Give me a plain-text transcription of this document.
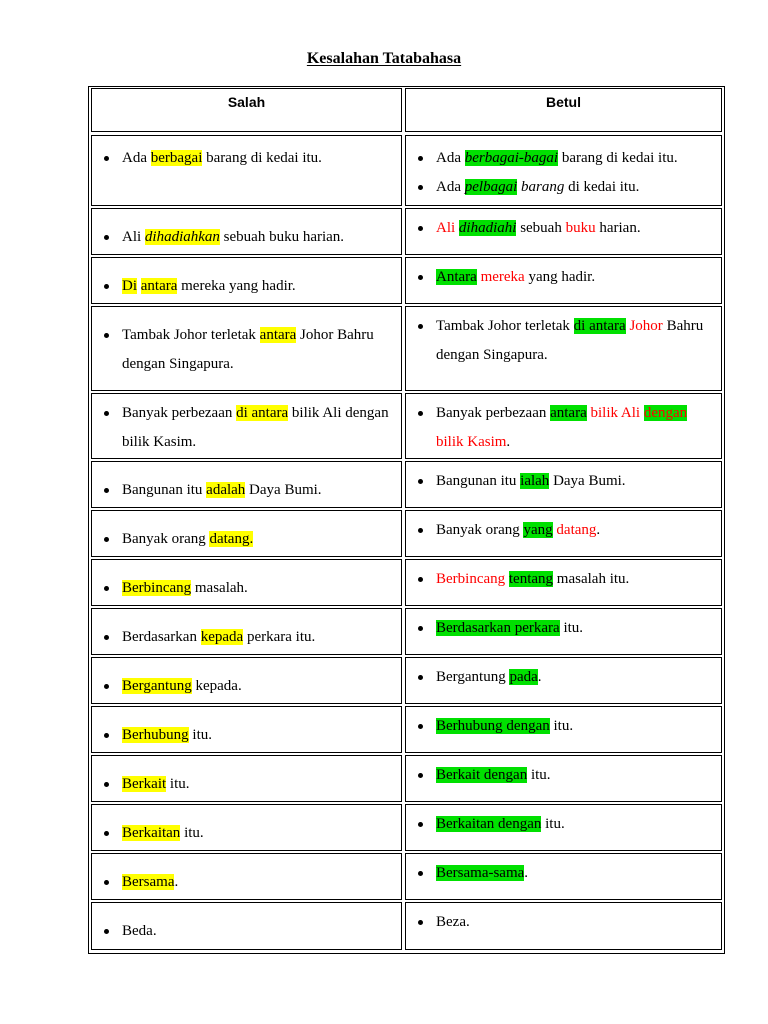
Kesalahan Tatabahasa
Salah	Betul
Ada berbagai barang di kedai itu.	Ada berbagai-bagai barang di kedai itu.
Ada pelbagai barang di kedai itu.
Ali dihadiahkan sebuah buku harian.
Ali dihadiahi sebuah buku harian.
Di antara mereka yang hadir.
Antara mereka yang hadir.
Tambak Johor terletak antara Johor Bahru dengan Singapura.
Tambak Johor terletak di antara Johor Bahru dengan Singapura.
Banyak perbezaan di antara bilik Ali dengan bilik Kasim.
Banyak perbezaan antara bilik Ali dengan bilik Kasim.
Bangunan itu adalah Daya Bumi.
Bangunan itu ialah Daya Bumi.
Banyak orang datang.
Banyak orang yang datang.
Berbincang masalah.
Berbincang tentang masalah itu.
Berdasarkan kepada perkara itu.
Berdasarkan perkara itu.
Bergantung kepada.
Bergantung pada.
Berhubung itu.
Berhubung dengan itu.
Berkait itu.
Berkait dengan itu.
Berkaitan itu.
Berkaitan dengan itu.
Bersama.
Bersama-sama.
Beda.
Beza.
